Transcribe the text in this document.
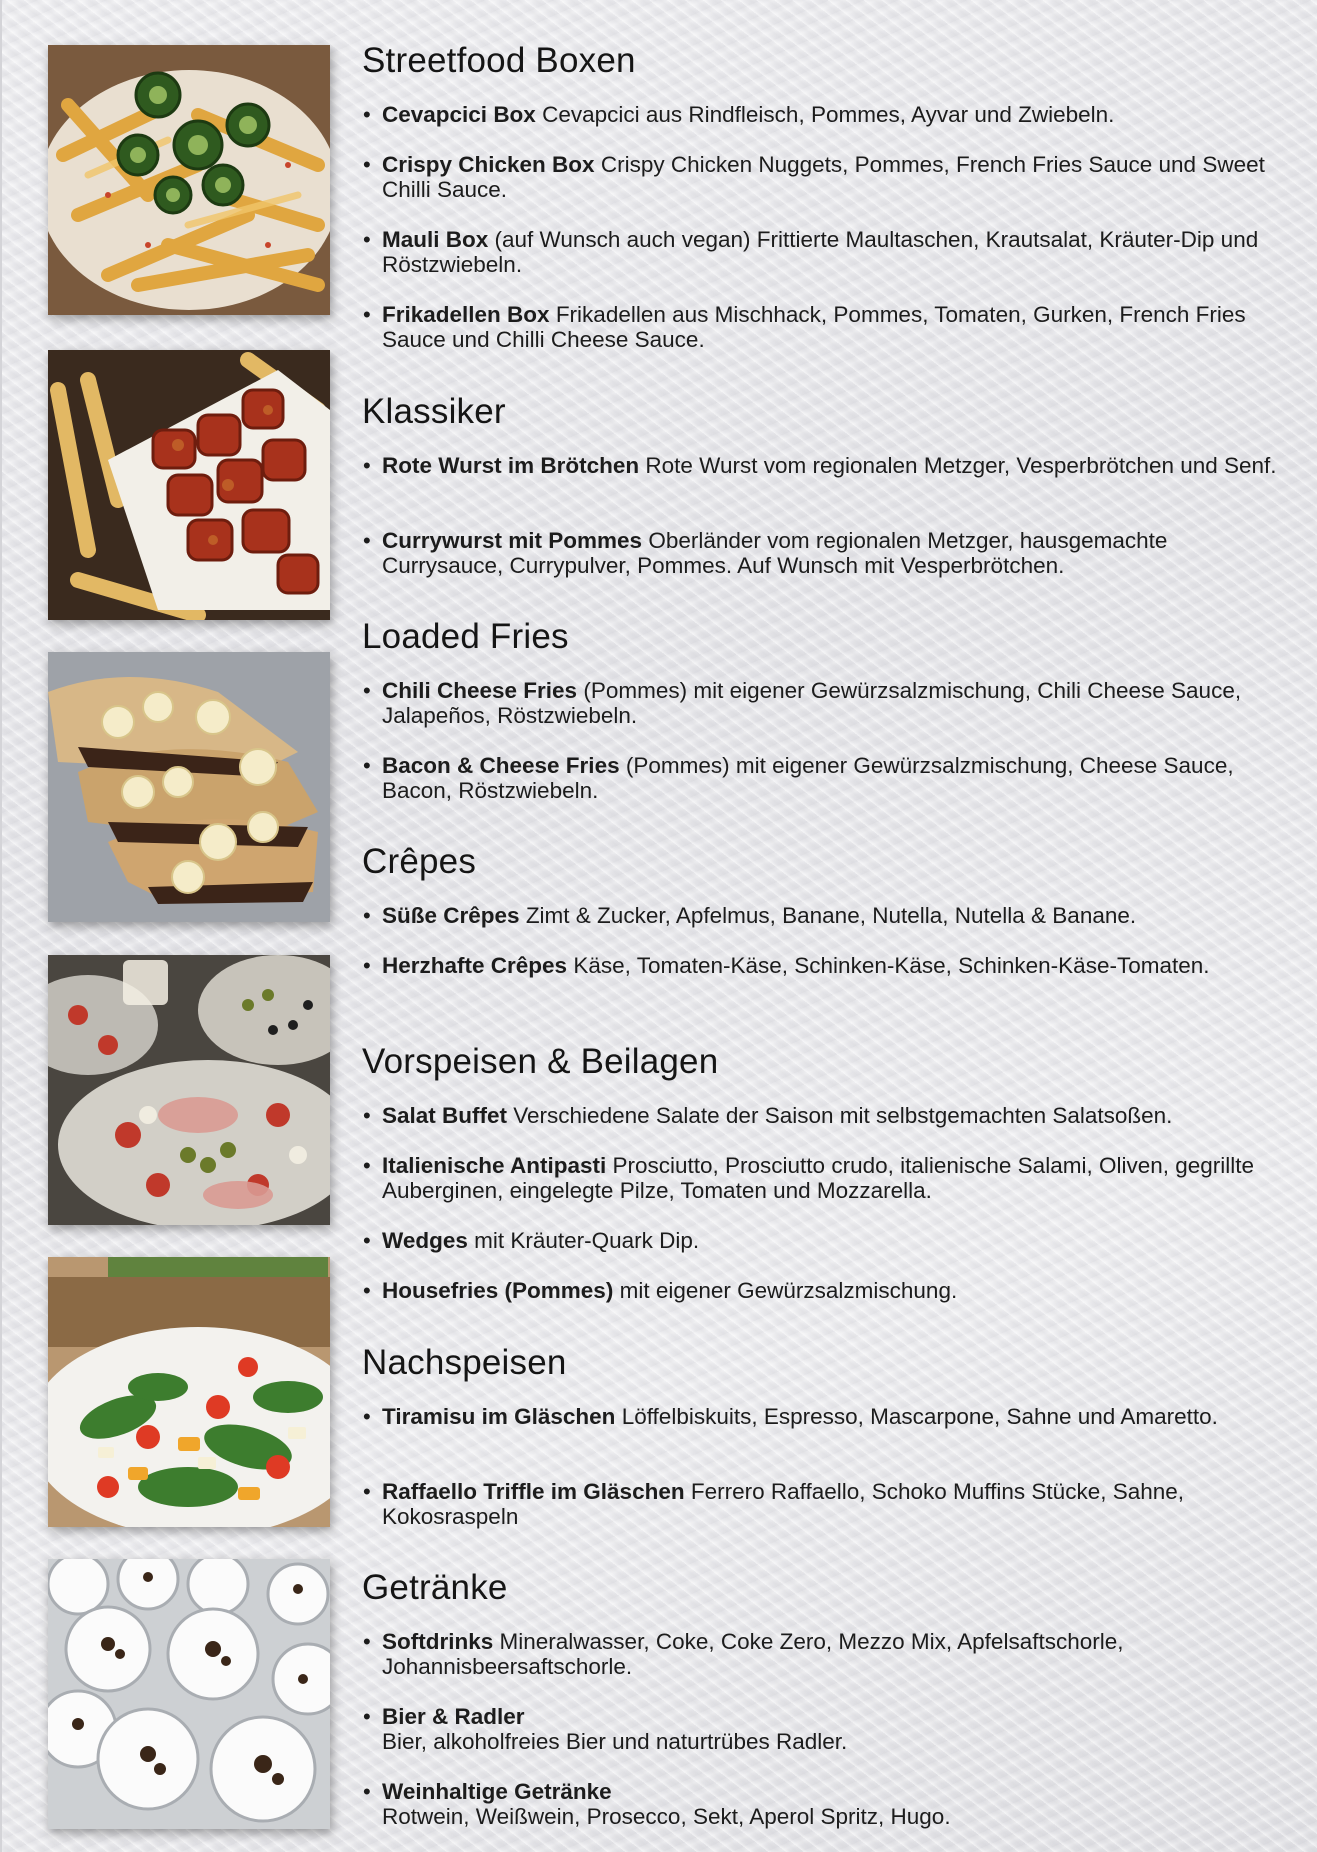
Streetfood Boxen
• Cevapcici Box Cevapcici aus Rindfleisch, Pommes, Ayvar und Zwiebeln.
• Crispy Chicken Box Crispy Chicken Nuggets, Pommes, French Fries Sauce und Sweet Chilli Sauce.
• Mauli Box (auf Wunsch auch vegan) Frittierte Maultaschen, Krautsalat, Kräuter-Dip und Röstzwiebeln.
• Frikadellen Box Frikadellen aus Mischhack, Pommes, Tomaten, Gurken, French Fries Sauce und Chilli Cheese Sauce.
Klassiker
• Rote Wurst im Brötchen Rote Wurst vom regionalen Metzger, Vesperbrötchen und Senf.
• Currywurst mit Pommes Oberländer vom regionalen Metzger, hausgemachte Currysauce, Currypulver, Pommes. Auf Wunsch mit Vesperbrötchen.
Loaded Fries
• Chili Cheese Fries (Pommes) mit eigener Gewürzsalzmischung, Chili Cheese Sauce, Jalapeños, Röstzwiebeln.
• Bacon & Cheese Fries (Pommes) mit eigener Gewürzsalzmischung, Cheese Sauce, Bacon, Röstzwiebeln.
Crêpes
• Süße Crêpes Zimt & Zucker, Apfelmus, Banane, Nutella, Nutella & Banane.
• Herzhafte Crêpes Käse, Tomaten-Käse, Schinken-Käse, Schinken-Käse-Tomaten.
Vorspeisen & Beilagen
• Salat Buffet Verschiedene Salate der Saison mit selbstgemachten Salatsoßen.
• Italienische Antipasti Prosciutto, Prosciutto crudo, italienische Salami, Oliven, gegrillte Auberginen, eingelegte Pilze, Tomaten und Mozzarella.
• Wedges mit Kräuter-Quark Dip.
• Housefries (Pommes) mit eigener Gewürzsalzmischung.
Nachspeisen
• Tiramisu im Gläschen Löffelbiskuits, Espresso, Mascarpone, Sahne und Amaretto.
• Raffaello Triffle im Gläschen Ferrero Raffaello, Schoko Muffins Stücke, Sahne, Kokosraspeln
Getränke
• Softdrinks Mineralwasser, Coke, Coke Zero, Mezzo Mix, Apfelsaftschorle, Johannisbeersaftschorle.
• Bier & Radler
Bier, alkoholfreies Bier und naturtrübes Radler.
• Weinhaltige Getränke
Rotwein, Weißwein, Prosecco, Sekt, Aperol Spritz, Hugo.
